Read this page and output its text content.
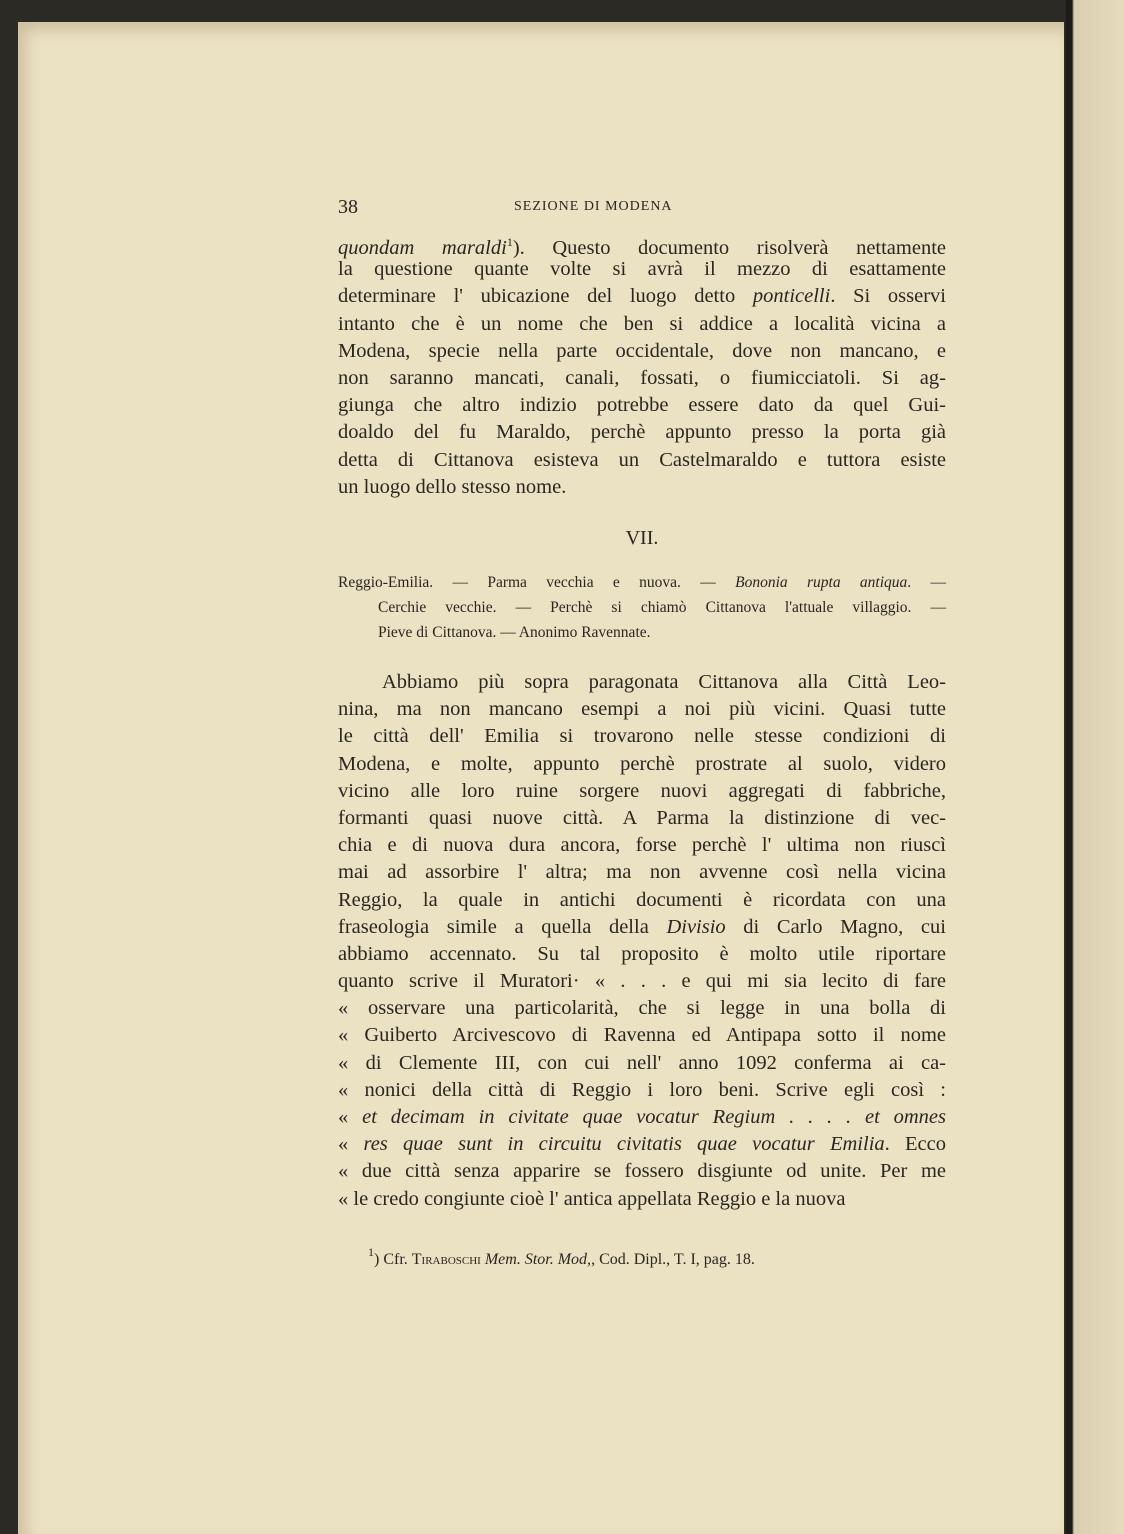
38	SEZIONE DI MODENA
quondam maraldi$^1$). Questo documento risolverà nettamente
la questione quante volte si avrà il mezzo di esattamente
determinare l' ubicazione del luogo detto ponticelli. Si osservi
intanto che è un nome che ben si addice a località vicina a
Modena, specie nella parte occidentale, dove non mancano, e
non saranno mancati, canali, fossati, o fiumicciatoli. Si ag-
giunga che altro indizio potrebbe essere dato da quel Gui-
doaldo del fu Maraldo, perchè appunto presso la porta già
detta di Cittanova esisteva un Castelmaraldo e tuttora esiste
un luogo dello stesso nome.
VII.
Reggio-Emilia. — Parma vecchia e nuova. — Bononia rupta antiqua. —
Cerchie vecchie. — Perchè si chiamò Cittanova l'attuale villaggio. —
Pieve di Cittanova. — Anonimo Ravennate.
Abbiamo più sopra paragonata Cittanova alla Città Leo-
nina, ma non mancano esempi a noi più vicini. Quasi tutte
le città dell' Emilia si trovarono nelle stesse condizioni di
Modena, e molte, appunto perchè prostrate al suolo, videro
vicino alle loro ruine sorgere nuovi aggregati di fabbriche,
formanti quasi nuove città. A Parma la distinzione di vec-
chia e di nuova dura ancora, forse perchè l' ultima non riuscì
mai ad assorbire l' altra; ma non avvenne così nella vicina
Reggio, la quale in antichi documenti è ricordata con una
fraseologia simile a quella della Divisio di Carlo Magno, cui
abbiamo accennato. Su tal proposito è molto utile riportare
quanto scrive il Muratori· « . . . e qui mi sia lecito di fare
« osservare una particolarità, che si legge in una bolla di
« Guiberto Arcivescovo di Ravenna ed Antipapa sotto il nome
« di Clemente III, con cui nell' anno 1092 conferma ai ca-
« nonici della città di Reggio i loro beni. Scrive egli così :
« et decimam in civitate quae vocatur Regium . . . . et omnes
« res quae sunt in circuitu civitatis quae vocatur Emilia. Ecco
« due città senza apparire se fossero disgiunte od unite. Per me
« le credo congiunte cioè l' antica appellata Reggio e la nuova
$^1$) Cfr. Tiraboschi Mem. Stor. Mod,, Cod. Dipl., T. I, pag. 18.
